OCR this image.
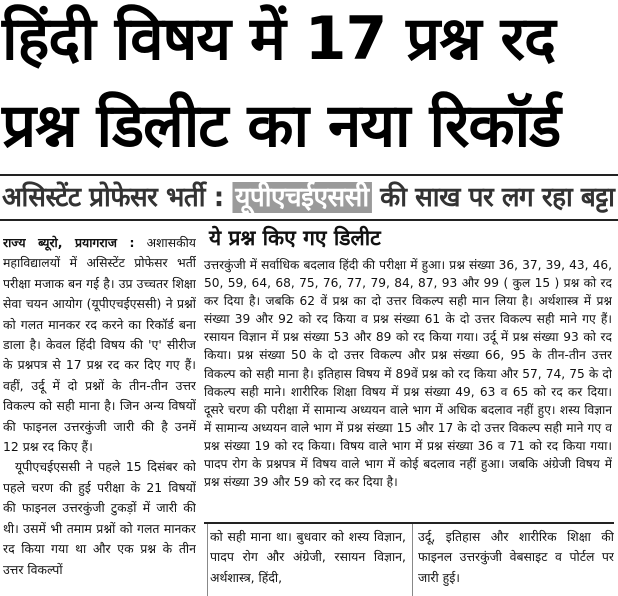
हिंदी विषय में 17 प्रश्न रद
प्रश्न डिलीट का नया रिकॉर्ड
असिस्टेंट प्रोफेसर भर्ती : यूपीएचईएससी की साख पर लग रहा बट्टा

राज्य ब्यूरो, प्रयागराज : अशासकीय महाविद्यालयों में असिस्टेंट प्रोफेसर भर्ती परीक्षा मजाक बन गई है। उप्र उच्चतर शिक्षा सेवा चयन आयोग (यूपीएचईएससी) ने प्रश्नों को गलत मानकर रद करने का रिकॉर्ड बना डाला है। केवल हिंदी विषय की 'ए' सीरीज के प्रश्नपत्र से 17 प्रश्न रद कर दिए गए हैं। वहीं, उर्दू में दो प्रश्नों के तीन-तीन उत्तर विकल्प को सही माना है। जिन अन्य विषयों की फाइनल उत्तरकुंजी जारी की है उनमें 12 प्रश्न रद किए हैं।

यूपीएचईएससी ने पहले 15 दिसंबर को पहले चरण की हुई परीक्षा के 21 विषयों की फाइनल उत्तरकुंजी टुकड़ों में जारी की थी। उसमें भी तमाम प्रश्नों को गलत मानकर रद किया गया था और एक प्रश्न के तीन उत्तर विकल्पों

ये प्रश्न किए गए डिलीट
उत्तरकुंजी में सर्वाधिक बदलाव हिंदी की परीक्षा में हुआ। प्रश्न संख्या 36, 37, 39, 43, 46, 50, 59, 64, 68, 75, 76, 77, 79, 84, 87, 93 और 99 ( कुल 15 ) प्रश्न को रद कर दिया है। जबकि 62 वें प्रश्न का दो उत्तर विकल्प सही मान लिया है। अर्थशास्त्र में प्रश्न संख्या 39 और 92 को रद किया व प्रश्न संख्या 61 के दो उत्तर विकल्प सही माने गए हैं। रसायन विज्ञान में प्रश्न संख्या 53 और 89 को रद किया गया। उर्दू में प्रश्न संख्या 93 को रद किया। प्रश्न संख्या 50 के दो उत्तर विकल्प और प्रश्न संख्या 66, 95 के तीन-तीन उत्तर विकल्प को सही माना है। इतिहास विषय में 89वें प्रश्न को रद किया और 57, 74, 75 के दो विकल्प सही माने। शारीरिक शिक्षा विषय में प्रश्न संख्या 49, 63 व 65 को रद कर दिया। दूसरे चरण की परीक्षा में सामान्य अध्ययन वाले भाग में अधिक बदलाव नहीं हुए। शस्य विज्ञान में सामान्य अध्ययन वाले भाग में प्रश्न संख्या 15 और 17 के दो उत्तर विकल्प सही माने गए व प्रश्न संख्या 19 को रद किया। विषय वाले भाग में प्रश्न संख्या 36 व 71 को रद किया गया। पादप रोग के प्रश्नपत्र में विषय वाले भाग में कोई बदलाव नहीं हुआ। जबकि अंग्रेजी विषय में प्रश्न संख्या 39 और 59 को रद कर दिया है।
को सही माना था। बुधवार को शस्य विज्ञान, पादप रोग और अंग्रेजी, रसायन विज्ञान, अर्थशास्त्र, हिंदी,
उर्दू, इतिहास और शारीरिक शिक्षा की फाइनल उत्तरकुंजी वेबसाइट व पोर्टल पर जारी हुई।
